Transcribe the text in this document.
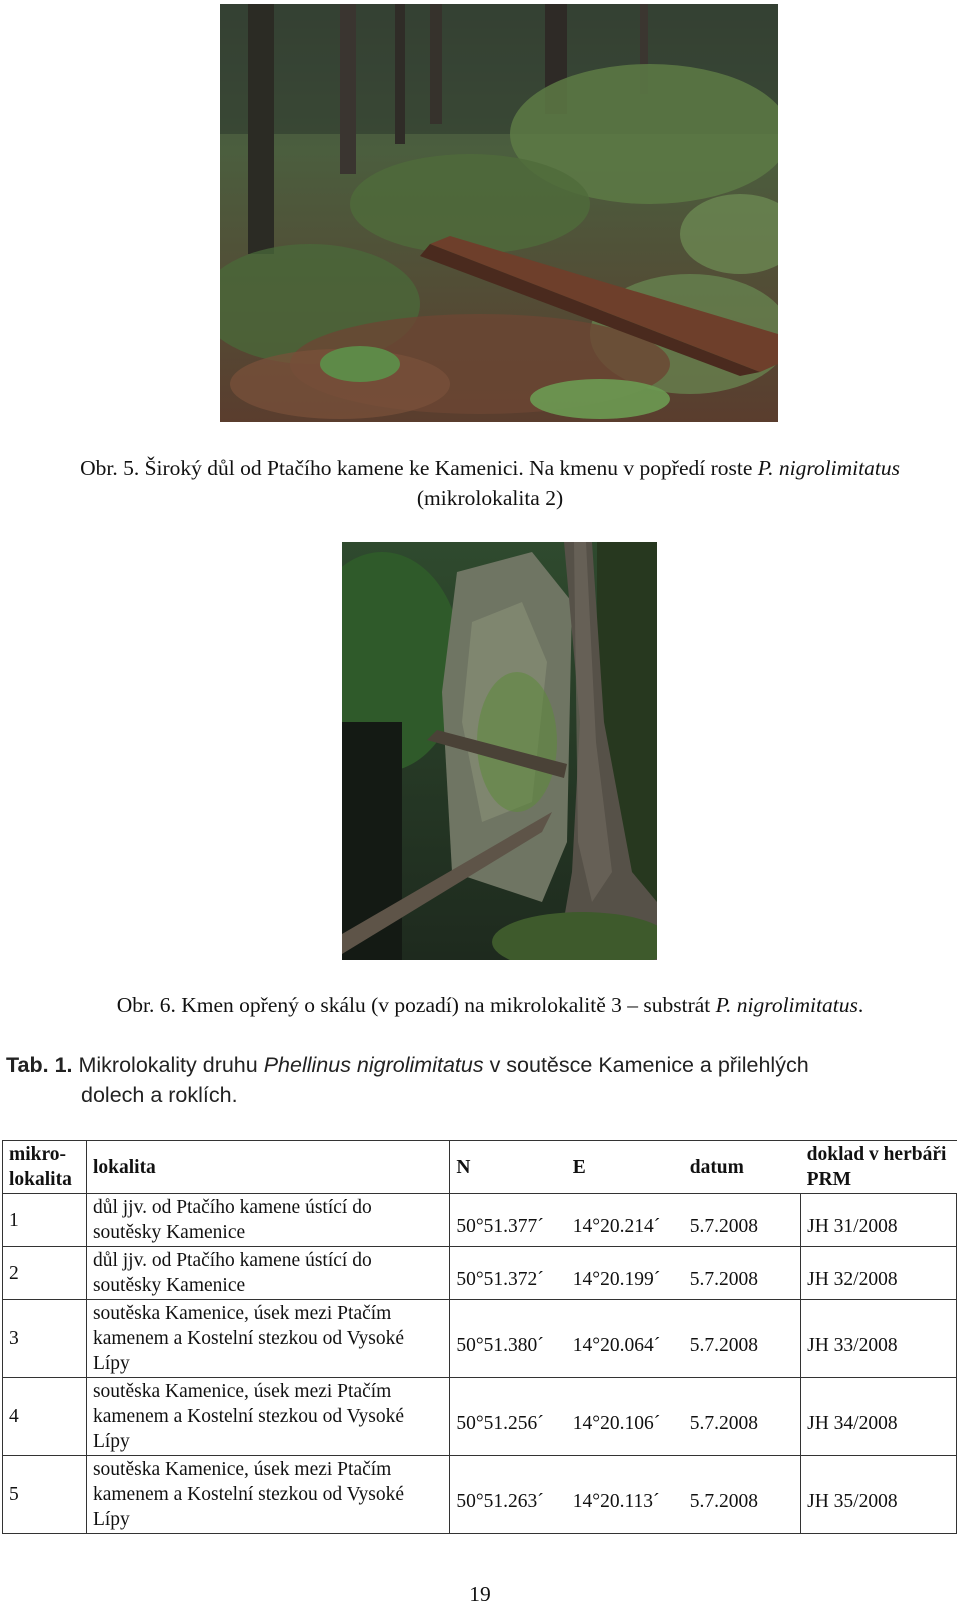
Obr. 5. Široký důl od Ptačího kamene ke Kamenici. Na kmenu v popředí roste P. nigrolimitatus (mikrolokalita 2)
Obr. 6. Kmen opřený o skálu (v pozadí) na mikrolokalitě 3 – substrát P. nigrolimitatus.
Tab. 1. Mikrolokality druhu Phellinus nigrolimitatus v soutěsce Kamenice a přilehlých
dolech a roklích.
mikro-lokalita	lokalita	N	E	datum	doklad v herbáři PRM
1	důl jjv. od Ptačího kamene ústící do soutěsky Kamenice	50°51.377´	14°20.214´	5.7.2008	JH 31/2008
2	důl jjv. od Ptačího kamene ústící do soutěsky Kamenice	50°51.372´	14°20.199´	5.7.2008	JH 32/2008
3	soutěska Kamenice, úsek mezi Ptačím kamenem a Kostelní stezkou od Vysoké Lípy	50°51.380´	14°20.064´	5.7.2008	JH 33/2008
4	soutěska Kamenice, úsek mezi Ptačím kamenem a Kostelní stezkou od Vysoké Lípy	50°51.256´	14°20.106´	5.7.2008	JH 34/2008
5	soutěska Kamenice, úsek mezi Ptačím kamenem a Kostelní stezkou od Vysoké Lípy	50°51.263´	14°20.113´	5.7.2008	JH 35/2008
19
